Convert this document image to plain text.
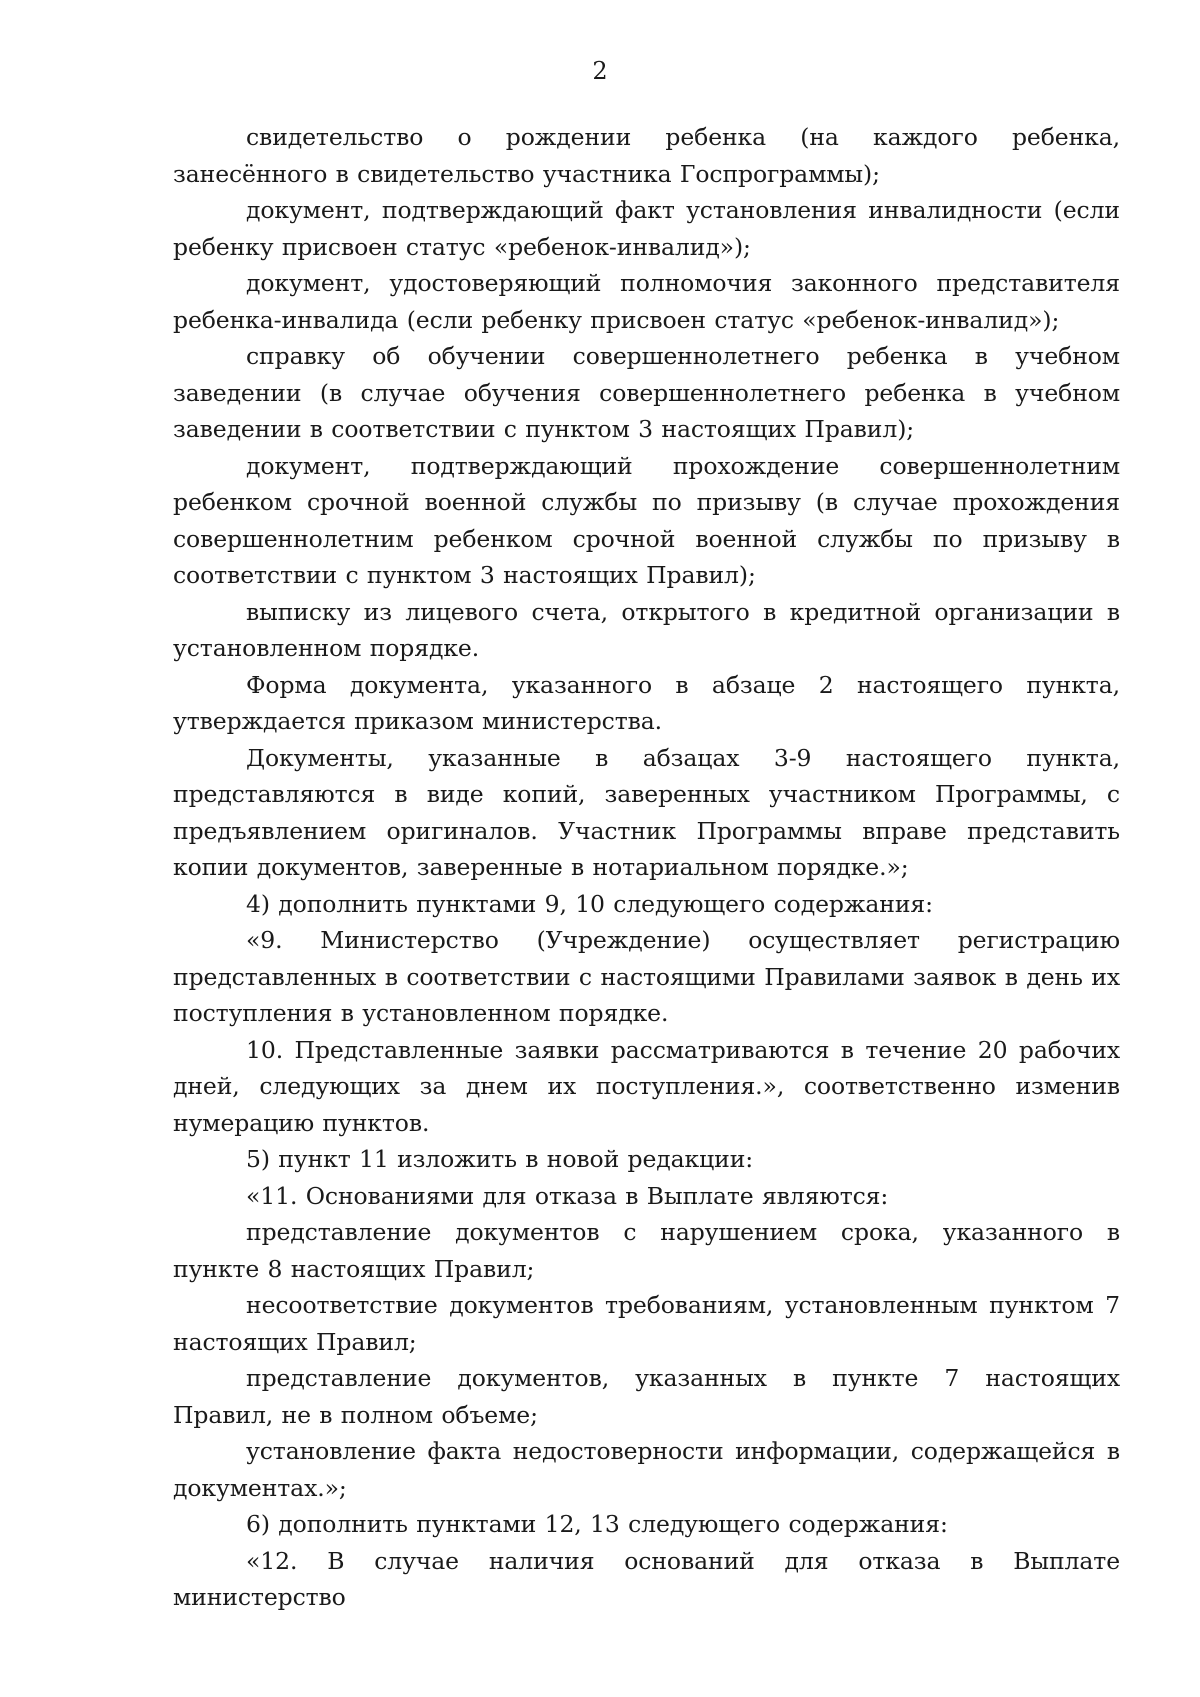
2

свидетельство о рождении ребенка (на каждого ребенка, занесённого в свидетельство участника Госпрограммы);

документ, подтверждающий факт установления инвалидности (если ребенку присвоен статус «ребенок-инвалид»);

документ, удостоверяющий полномочия законного представителя ребенка-инвалида (если ребенку присвоен статус «ребенок-инвалид»);

справку об обучении совершеннолетнего ребенка в учебном заведении (в случае обучения совершеннолетнего ребенка в учебном заведении в соответствии с пунктом 3 настоящих Правил);

документ, подтверждающий прохождение совершеннолетним ребенком срочной военной службы по призыву (в случае прохождения совершеннолетним ребенком срочной военной службы по призыву в соответствии с пунктом 3 настоящих Правил);

выписку из лицевого счета, открытого в кредитной организации в установленном порядке.

Форма документа, указанного в абзаце 2 настоящего пункта, утверждается приказом министерства.

Документы, указанные в абзацах 3-9 настоящего пункта, представляются в виде копий, заверенных участником Программы, с предъявлением оригиналов. Участник Программы вправе представить копии документов, заверенные в нотариальном порядке.»;

4) дополнить пунктами 9, 10 следующего содержания:

«9. Министерство (Учреждение) осуществляет регистрацию представленных в соответствии с настоящими Правилами заявок в день их поступления в установленном порядке.

10. Представленные заявки рассматриваются в течение 20 рабочих дней, следующих за днем их поступления.», соответственно изменив нумерацию пунктов.

5) пункт 11 изложить в новой редакции:

«11. Основаниями для отказа в Выплате являются:

представление документов с нарушением срока, указанного в пункте 8 настоящих Правил;

несоответствие документов требованиям, установленным пунктом 7 настоящих Правил;

представление документов, указанных в пункте 7 настоящих Правил, не в полном объеме;

установление факта недостоверности информации, содержащейся в документах.»;

6) дополнить пунктами 12, 13 следующего содержания:

«12. В случае наличия оснований для отказа в Выплате министерство
